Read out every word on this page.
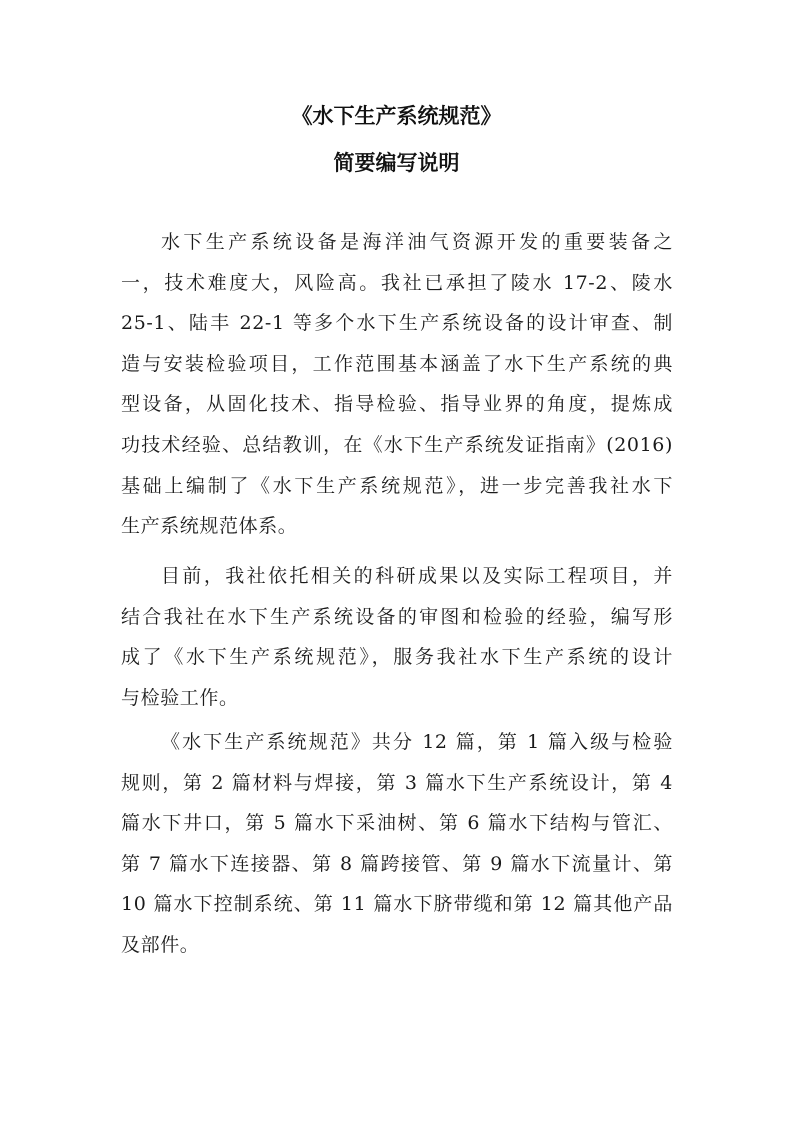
《水下生产系统规范》
简要编写说明
水下生产系统设备是海洋油气资源开发的重要装备之
一，技术难度大，风险高。我社已承担了陵水 17-2、陵水
25-1、陆丰 22-1 等多个水下生产系统设备的设计审查、制
造与安装检验项目，工作范围基本涵盖了水下生产系统的典
型设备，从固化技术、指导检验、指导业界的角度，提炼成
功技术经验、总结教训，在《水下生产系统发证指南》(2016)
基础上编制了《水下生产系统规范》，进一步完善我社水下
生产系统规范体系。
目前，我社依托相关的科研成果以及实际工程项目，并
结合我社在水下生产系统设备的审图和检验的经验，编写形
成了《水下生产系统规范》，服务我社水下生产系统的设计
与检验工作。
《水下生产系统规范》共分 12 篇，第 1 篇入级与检验
规则，第 2 篇材料与焊接，第 3 篇水下生产系统设计，第 4
篇水下井口，第 5 篇水下采油树、第 6 篇水下结构与管汇、
第 7 篇水下连接器、第 8 篇跨接管、第 9 篇水下流量计、第
10 篇水下控制系统、第 11 篇水下脐带缆和第 12 篇其他产品
及部件。
